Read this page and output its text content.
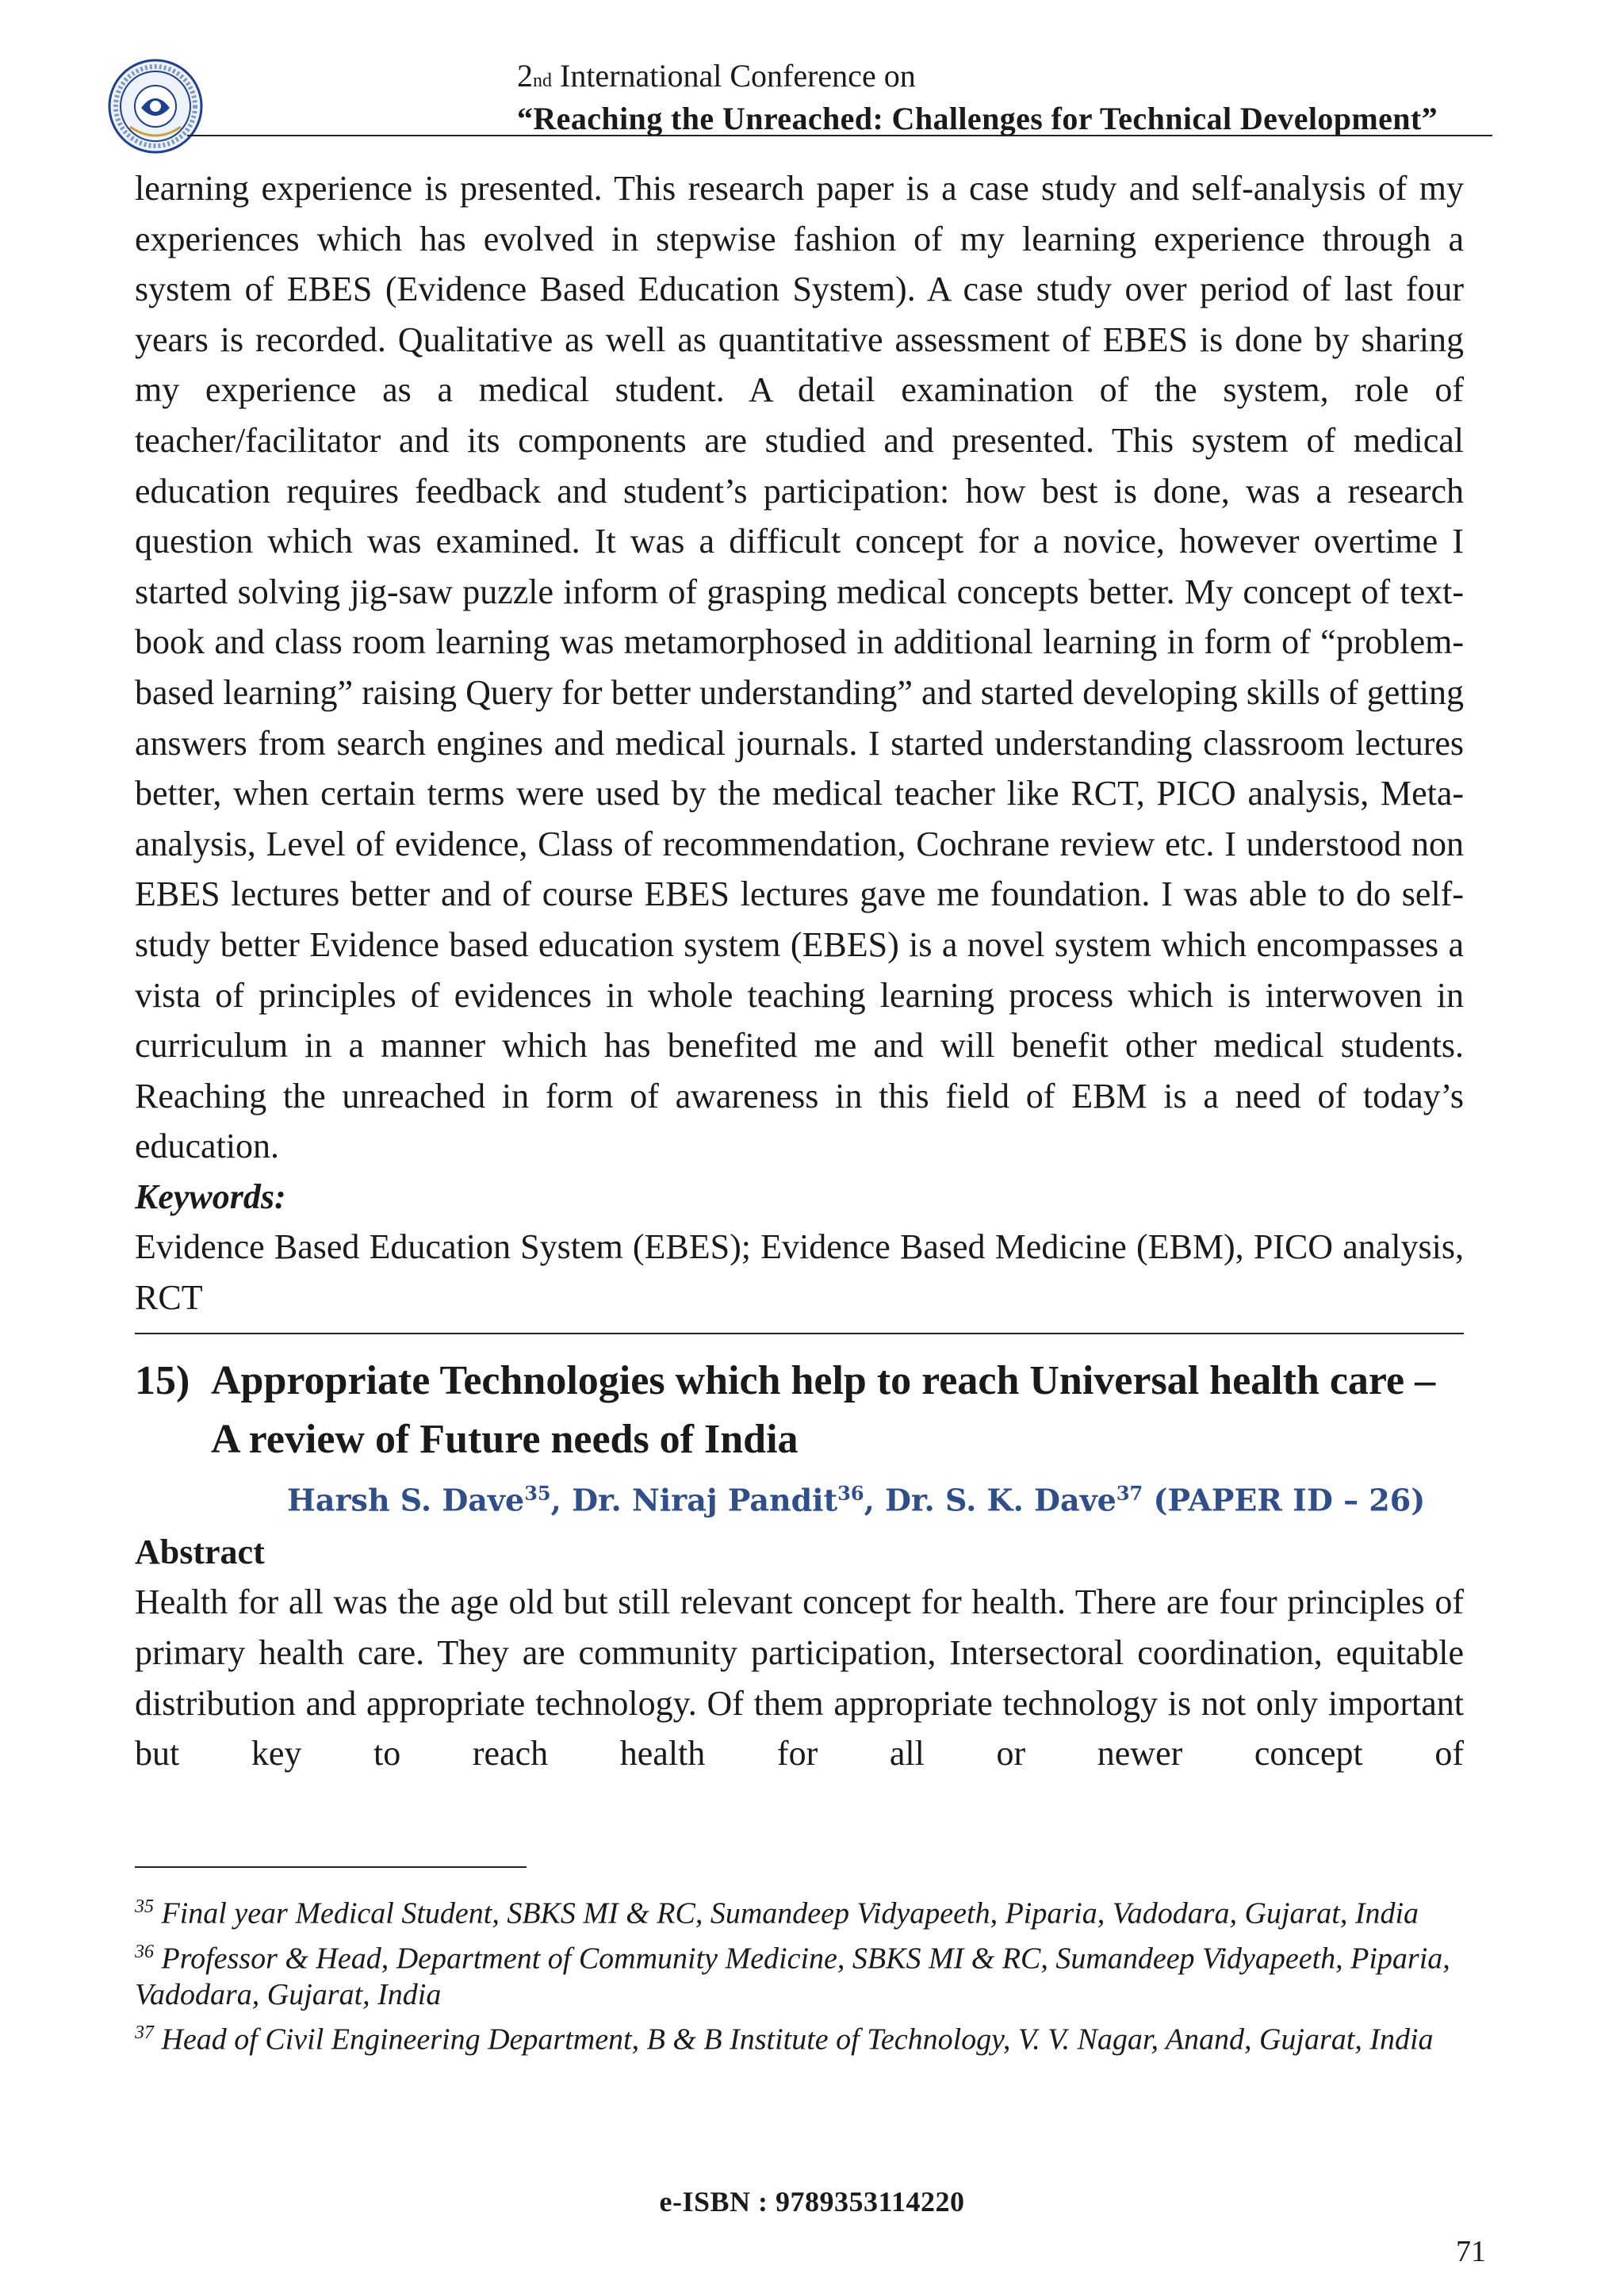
2nd International Conference on
“Reaching the Unreached: Challenges for Technical Development”

learning experience is presented. This research paper is a case study and self-analysis of my experiences which has evolved in stepwise fashion of my learning experience through a system of EBES (Evidence Based Education System). A case study over period of last four years is recorded. Qualitative as well as quantitative assessment of EBES is done by sharing my experience as a medical student. A detail examination of the system, role of teacher/facilitator and its components are studied and presented. This system of medical education requires feedback and student’s participation: how best is done, was a research question which was examined. It was a difficult concept for a novice, however overtime I started solving jig-saw puzzle inform of grasping medical concepts better. My concept of text-book and class room learning was metamorphosed in additional learning in form of “problem-based learning” raising Query for better understanding” and started developing skills of getting answers from search engines and medical journals. I started understanding classroom lectures better, when certain terms were used by the medical teacher like RCT, PICO analysis, Meta-analysis, Level of evidence, Class of recommendation, Cochrane review etc. I understood non EBES lectures better and of course EBES lectures gave me foundation. I was able to do self-study better Evidence based education system (EBES) is a novel system which encompasses a vista of principles of evidences in whole teaching learning process which is interwoven in curriculum in a manner which has benefited me and will benefit other medical students. Reaching the unreached in form of awareness in this field of EBM is a need of today’s education.

Keywords:

Evidence Based Education System (EBES); Evidence Based Medicine (EBM), PICO analysis, RCT

15) Appropriate Technologies which help to reach Universal health care – A review of Future needs of India
Harsh S. Dave$^{35}$, Dr. Niraj Pandit$^{36}$, Dr. S. K. Dave$^{37}$ (PAPER ID – 26)

Abstract

Health for all was the age old but still relevant concept for health. There are four principles of primary health care. They are community participation, Intersectoral coordination, equitable distribution and appropriate technology. Of them appropriate technology is not only important but key to reach health for all or newer concept of

$^{35}$ Final year Medical Student, SBKS MI & RC, Sumandeep Vidyapeeth, Piparia, Vadodara, Gujarat, India

$^{36}$ Professor & Head, Department of Community Medicine, SBKS MI & RC, Sumandeep Vidyapeeth, Piparia, Vadodara, Gujarat, India

$^{37}$ Head of Civil Engineering Department, B & B Institute of Technology, V. V. Nagar, Anand, Gujarat, India

e-ISBN : 9789353114220
71
